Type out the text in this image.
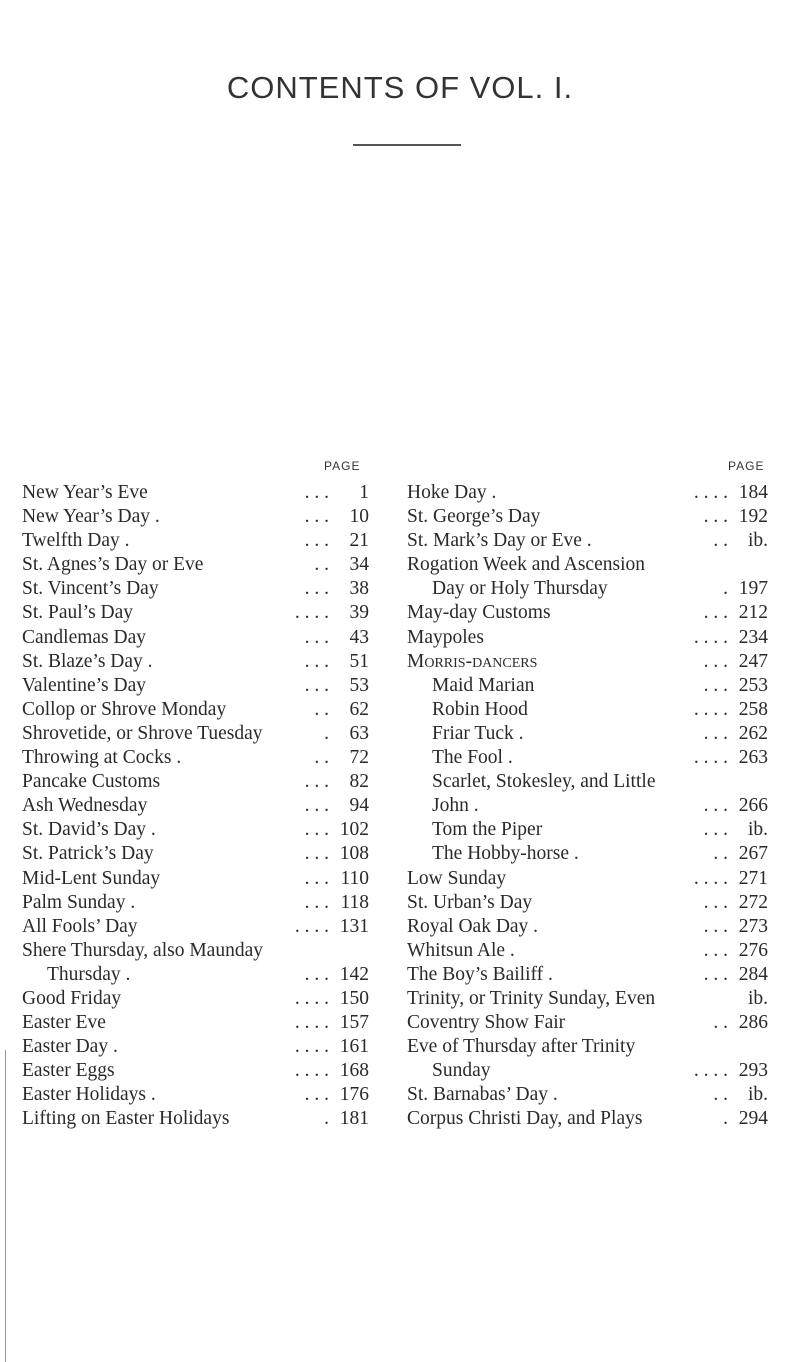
CONTENTS OF VOL. I.
PAGE	PAGE
New Year’s Eve	. . .	1
New Year’s Day .	. . .	10
Twelfth Day .	. . .	21
St. Agnes’s Day or Eve	. .	34
St. Vincent’s Day	. . .	38
St. Paul’s Day	. . . .	39
Candlemas Day	. . .	43
St. Blaze’s Day .	. . .	51
Valentine’s Day	. . .	53
Collop or Shrove Monday	. .	62
Shrovetide, or Shrove Tuesday	.	63
Throwing at Cocks .	. .	72
Pancake Customs	. . .	82
Ash Wednesday	. . .	94
St. David’s Day .	. . . 102
St. Patrick’s Day	. . . 108
Mid-Lent Sunday	. . . 110
Palm Sunday .	. . . 118
All Fools’ Day	. . . . 131
Shere Thursday, also Maunday
Thursday .	. . . 142
Good Friday	. . . . 150
Easter Eve	. . . . 157
Easter Day .	. . . . 161
Easter Eggs	. . . . 168
Easter Holidays .	. . . 176
Lifting on Easter Holidays	. 181
Hoke Day .	. . . . 184
St. George’s Day	. . . 192
St. Mark’s Day or Eve .	. .	ib.
Rogation Week and Ascension
Day or Holy Thursday	. 197
May-day Customs	. . . 212
Maypoles	. . . . 234
Morris-dancers	. . . 247
Maid Marian	. . . 253
Robin Hood	. . . . 258
Friar Tuck .	. . . 262
The Fool .	. . . . 263
Scarlet, Stokesley, and Little
John .	. . . 266
Tom the Piper	. . .	ib.
The Hobby-horse .	. . 267
Low Sunday	. . . . 271
St. Urban’s Day	. . . 272
Royal Oak Day .	. . . 273
Whitsun Ale .	. . . 276
The Boy’s Bailiff .	. . . 284
Trinity, or Trinity Sunday, Even	ib.
Coventry Show Fair	. . 286
Eve of Thursday after Trinity
Sunday	. . . . 293
St. Barnabas’ Day .	. .	ib.
Corpus Christi Day, and Plays	. 294
